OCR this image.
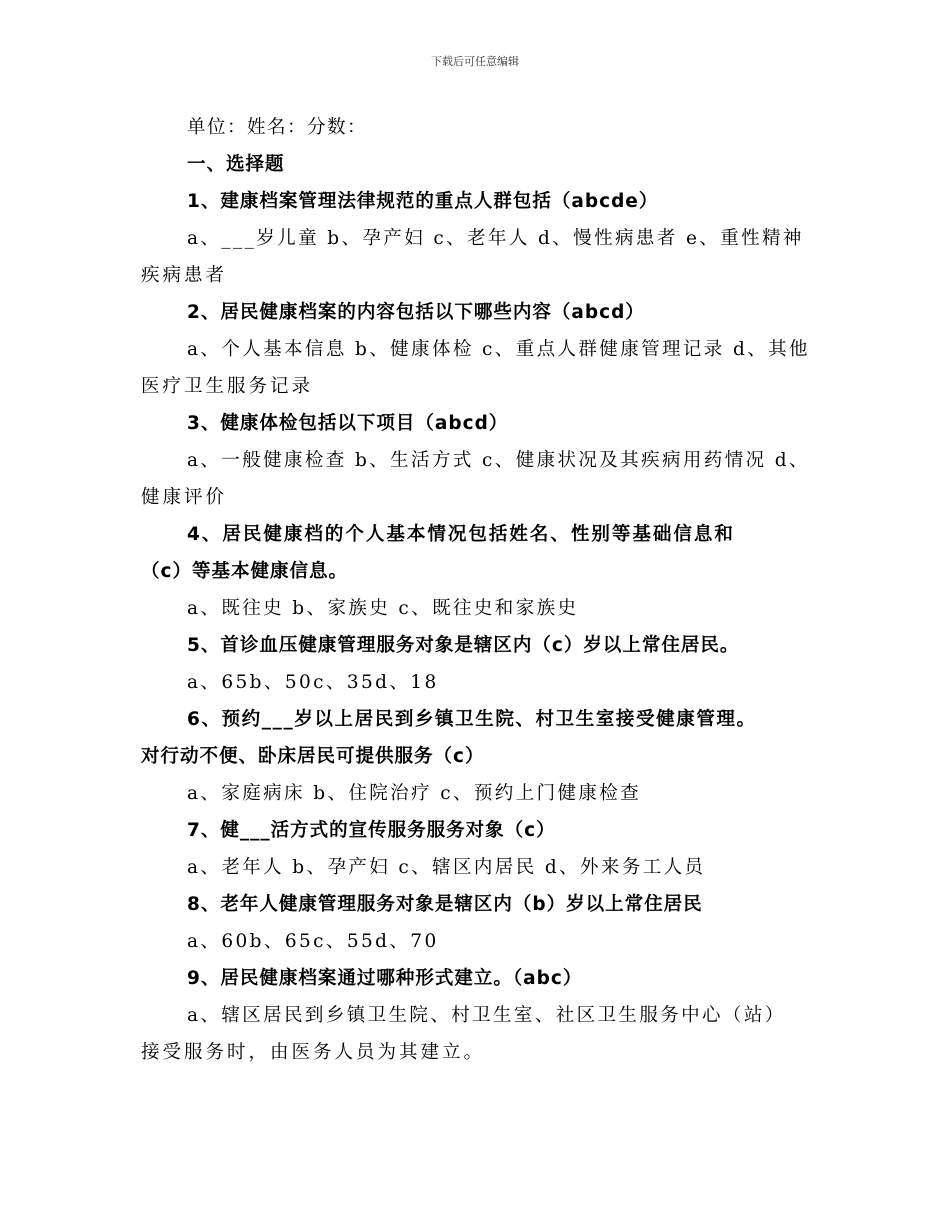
下载后可任意编辑
单位：姓名：分数：
一、选择题
1、建康档案管理法律规范的重点人群包括（abcde）
a、___岁儿童 b、孕产妇 c、老年人 d、慢性病患者 e、重性精神
疾病患者
2、居民健康档案的内容包括以下哪些内容（abcd）
a、个人基本信息 b、健康体检 c、重点人群健康管理记录 d、其他
医疗卫生服务记录
3、健康体检包括以下项目（abcd）
a、一般健康检查 b、生活方式 c、健康状况及其疾病用药情况 d、
健康评价
4、居民健康档的个人基本情况包括姓名、性别等基础信息和
（c）等基本健康信息。
a、既往史 b、家族史 c、既往史和家族史
5、首诊血压健康管理服务对象是辖区内（c）岁以上常住居民。
a、65b、50c、35d、18
6、预约___岁以上居民到乡镇卫生院、村卫生室接受健康管理。
对行动不便、卧床居民可提供服务（c）
a、家庭病床 b、住院治疗 c、预约上门健康检查
7、健___活方式的宣传服务服务对象（c）
a、老年人 b、孕产妇 c、辖区内居民 d、外来务工人员
8、老年人健康管理服务对象是辖区内（b）岁以上常住居民
a、60b、65c、55d、70
9、居民健康档案通过哪种形式建立。（abc）
a、辖区居民到乡镇卫生院、村卫生室、社区卫生服务中心（站）
接受服务时，由医务人员为其建立。
